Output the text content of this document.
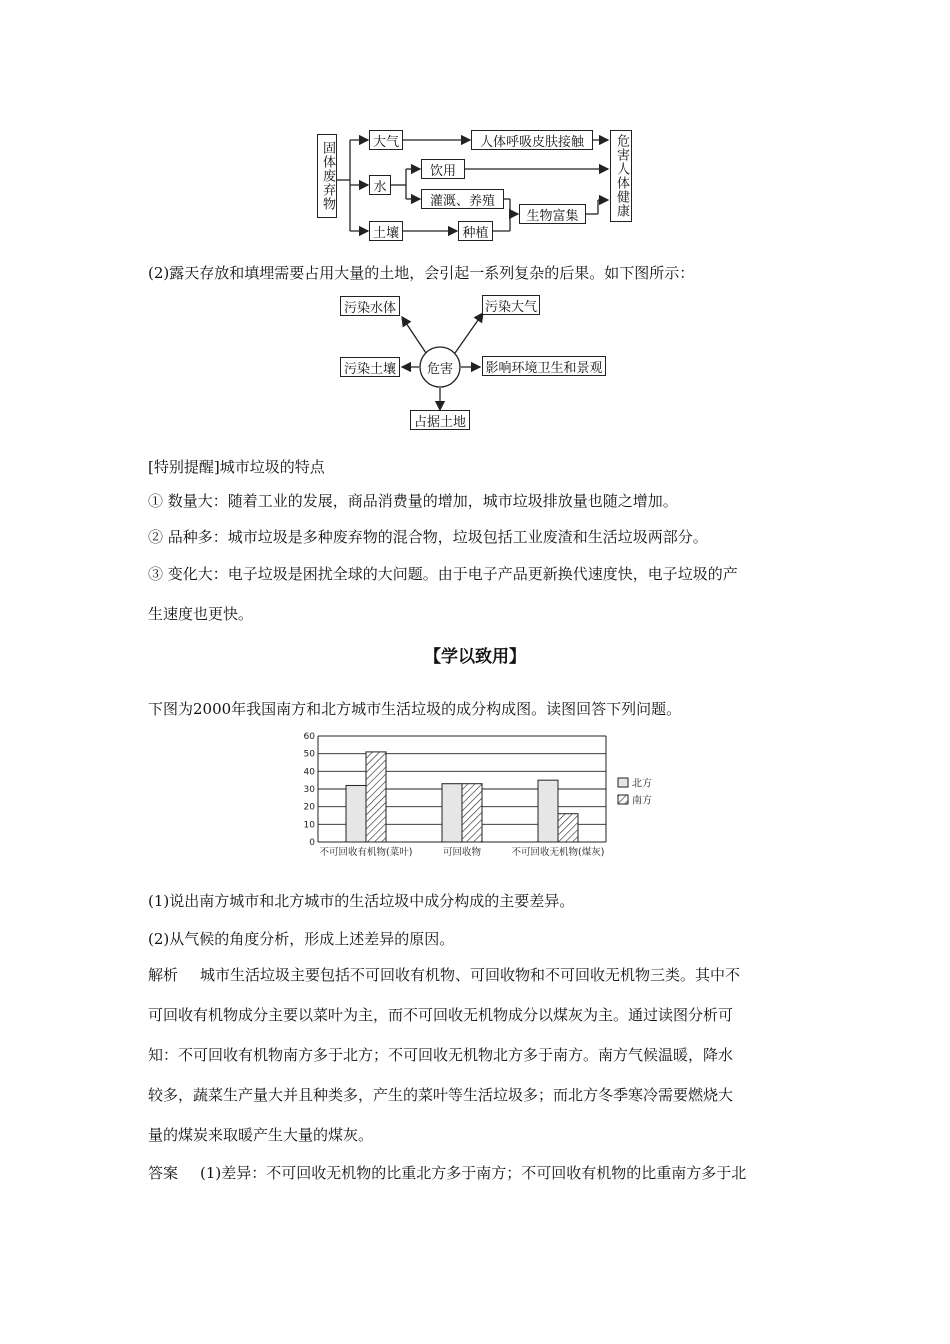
固体废弃物	大气
水
土壤
饮用
灌溉、养殖
种植
人体呼吸皮肤接触
生物富集	危害人体健康
(2)露天存放和填埋需要占用大量的土地，会引起一系列复杂的后果。如下图所示：
危害
污染水体	污染大气
污染土壤	影响环境卫生和景观
占据土地
[特别提醒]城市垃圾的特点
① 数量大：随着工业的发展，商品消费量的增加，城市垃圾排放量也随之增加。
② 品种多：城市垃圾是多种废弃物的混合物，垃圾包括工业废渣和生活垃圾两部分。
③ 变化大：电子垃圾是困扰全球的大问题。由于电子产品更新换代速度快，电子垃圾的产
生速度也更快。
【学以致用】
下图为2000年我国南方和北方城市生活垃圾的成分构成图。读图回答下列问题。
0
10
20
30
40
50
60
不可回收有机物(菜叶)	可回收物	不可回收无机物(煤灰)
北方
南方
(1)说出南方城市和北方城市的生活垃圾中成分构成的主要差异。
(2)从气候的角度分析，形成上述差异的原因。
解析 城市生活垃圾主要包括不可回收有机物、可回收物和不可回收无机物三类。其中不
可回收有机物成分主要以菜叶为主，而不可回收无机物成分以煤灰为主。通过读图分析可
知：不可回收有机物南方多于北方；不可回收无机物北方多于南方。南方气候温暖，降水
较多，蔬菜生产量大并且种类多，产生的菜叶等生活垃圾多；而北方冬季寒冷需要燃烧大
量的煤炭来取暖产生大量的煤灰。
答案 (1)差异：不可回收无机物的比重北方多于南方；不可回收有机物的比重南方多于北
